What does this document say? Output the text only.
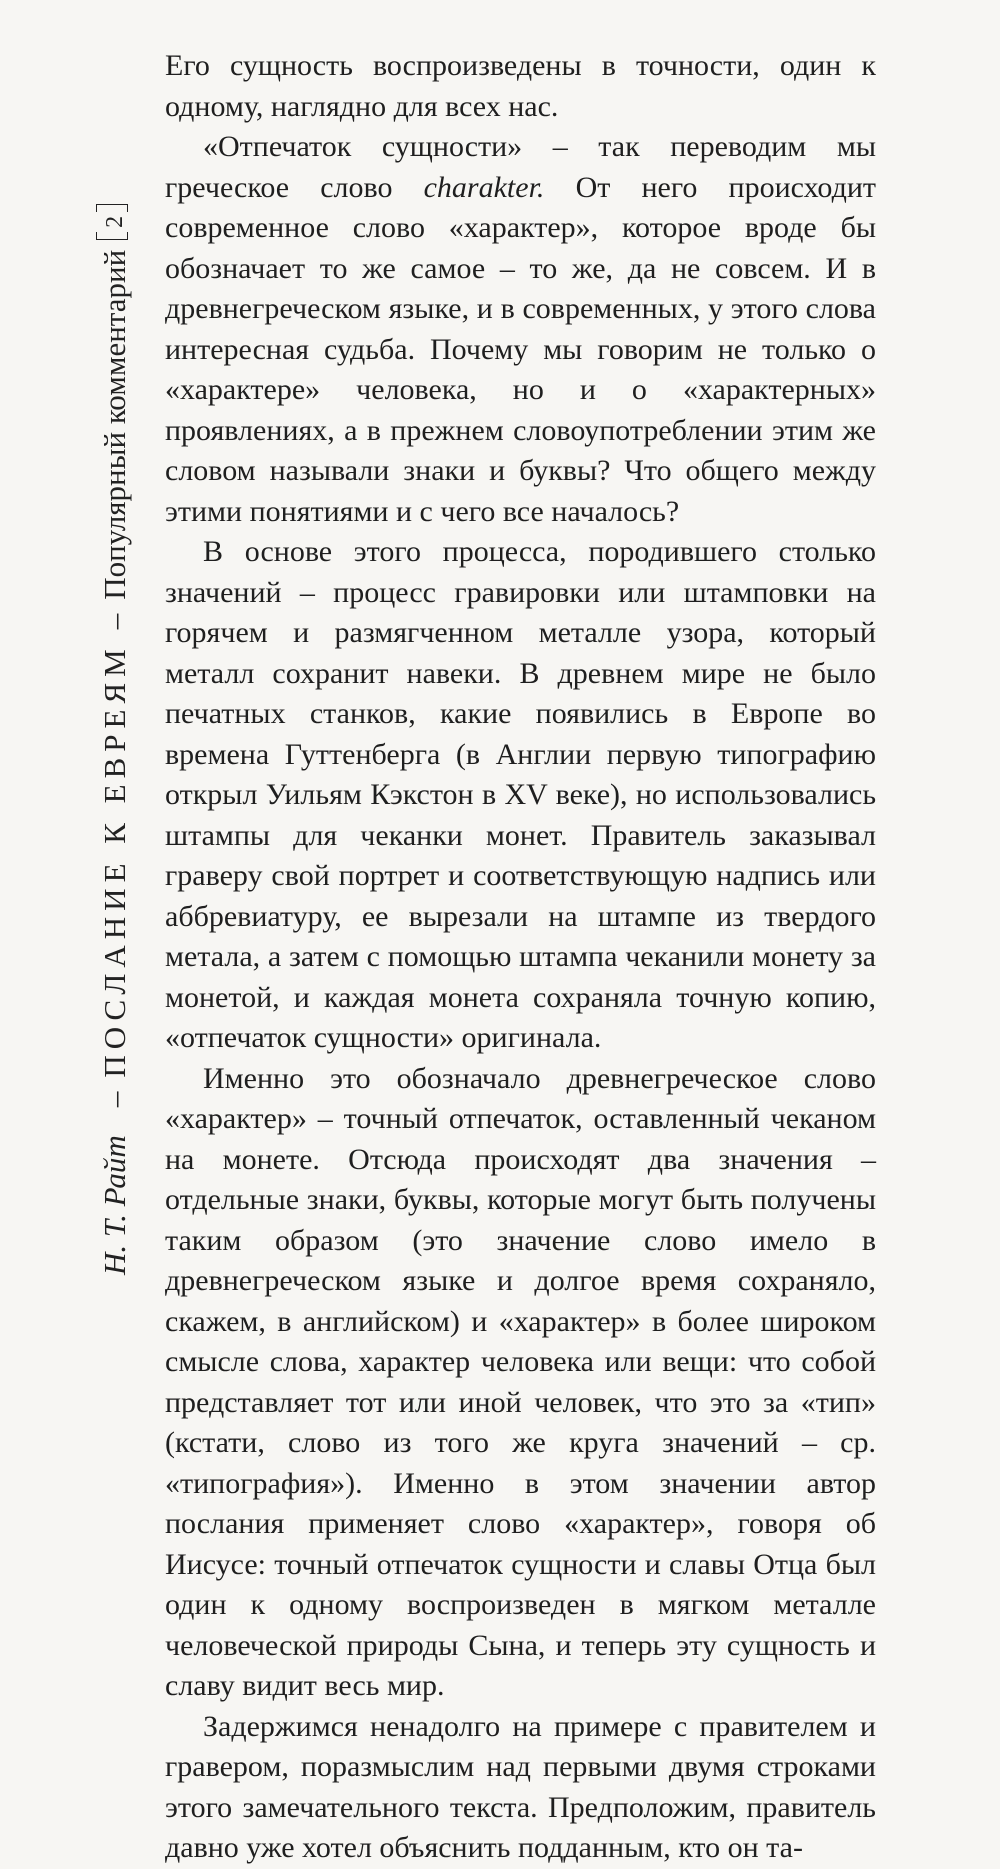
Н. Т. Райт
–
ПОСЛАНИЕ К ЕВРЕЯМ
–
Популярный комментарий
2

Его сущность воспроизведены в точности, один к одному, наглядно для всех нас.

«Отпечаток сущности» – так переводим мы греческое слово charakter. От него происходит современное слово «характер», которое вроде бы обозначает то же самое – то же, да не совсем. И в древнегреческом языке, и в современных, у этого слова интересная судьба. Почему мы говорим не только о «характере» человека, но и о «характерных» проявлениях, а в прежнем словоупотреблении этим же словом называли знаки и буквы? Что общего между этими понятиями и с чего все началось?

В основе этого процесса, породившего столько значений – процесс гравировки или штамповки на горячем и размягченном металле узора, который металл сохранит навеки. В древнем мире не было печатных станков, какие появились в Европе во времена Гуттенберга (в Англии первую типографию открыл Уильям Кэкстон в XV веке), но использовались штампы для чеканки монет. Правитель заказывал граверу свой портрет и соответствующую надпись или аббревиатуру, ее вырезали на штампе из твердого метала, а затем с помощью штампа чеканили монету за монетой, и каждая монета сохраняла точную копию, «отпечаток сущности» оригинала.

Именно это обозначало древнегреческое слово «характер» – точный отпечаток, оставленный чеканом на монете. Отсюда происходят два значения – отдельные знаки, буквы, которые могут быть получены таким образом (это значение слово имело в древнегреческом языке и долгое время сохраняло, скажем, в английском) и «характер» в более широком смысле слова, характер человека или вещи: что собой представляет тот или иной человек, что это за «тип» (кстати, слово из того же круга значений – ср. «типография»). Именно в этом значении автор послания применяет слово «характер», говоря об Иисусе: точный отпечаток сущности и славы Отца был один к одному воспроизведен в мягком металле человеческой природы Сына, и теперь эту сущность и славу видит весь мир.

Задержимся ненадолго на примере с правителем и гравером, поразмыслим над первыми двумя строками этого замечательного текста. Предположим, правитель давно уже хотел объяснить подданным, кто он та-
